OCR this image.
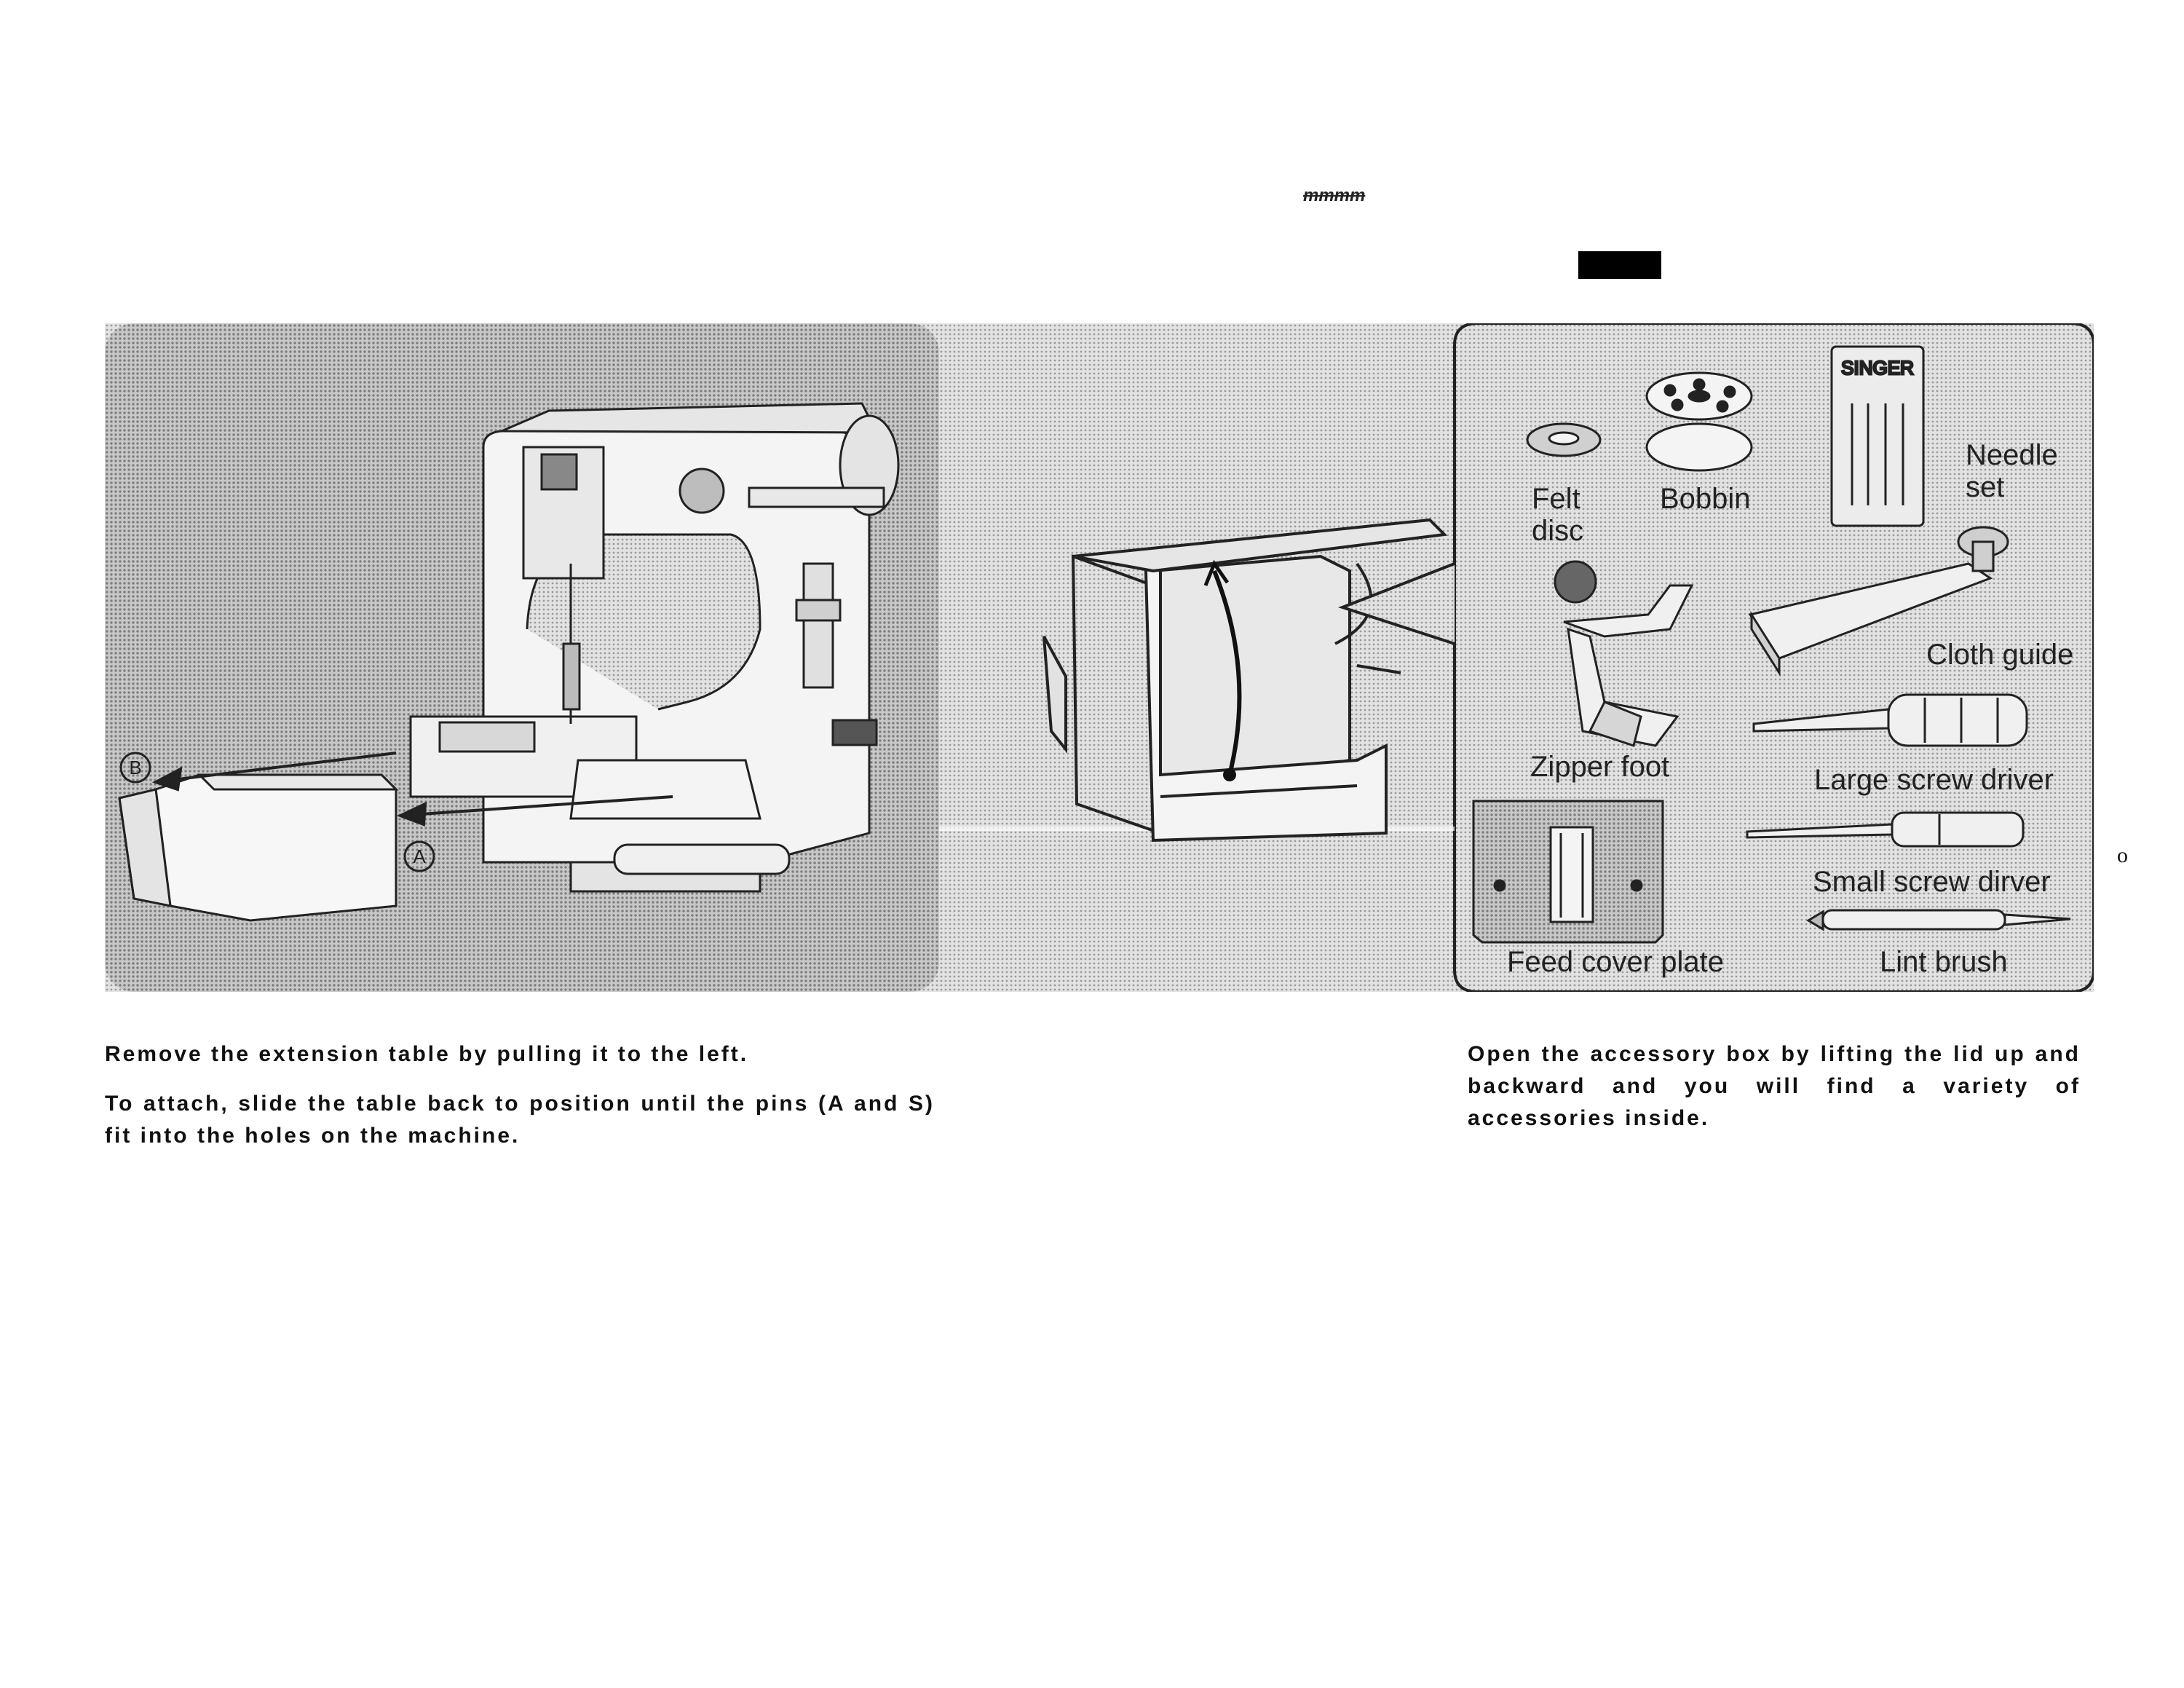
mmmm
o
B
A
Felt
disc
Bobbin
SINGER
Needle
set
Zipper foot
Cloth guide
Large screw driver
Small screw dirver
Feed cover plate	Lint brush

Remove the extension table by pulling it to the left.

To attach, slide the table back to position until the pins (A and S) fit into the holes on the machine.

Open the accessory box by lifting the lid up and backward and you will find a variety of accessories inside.
